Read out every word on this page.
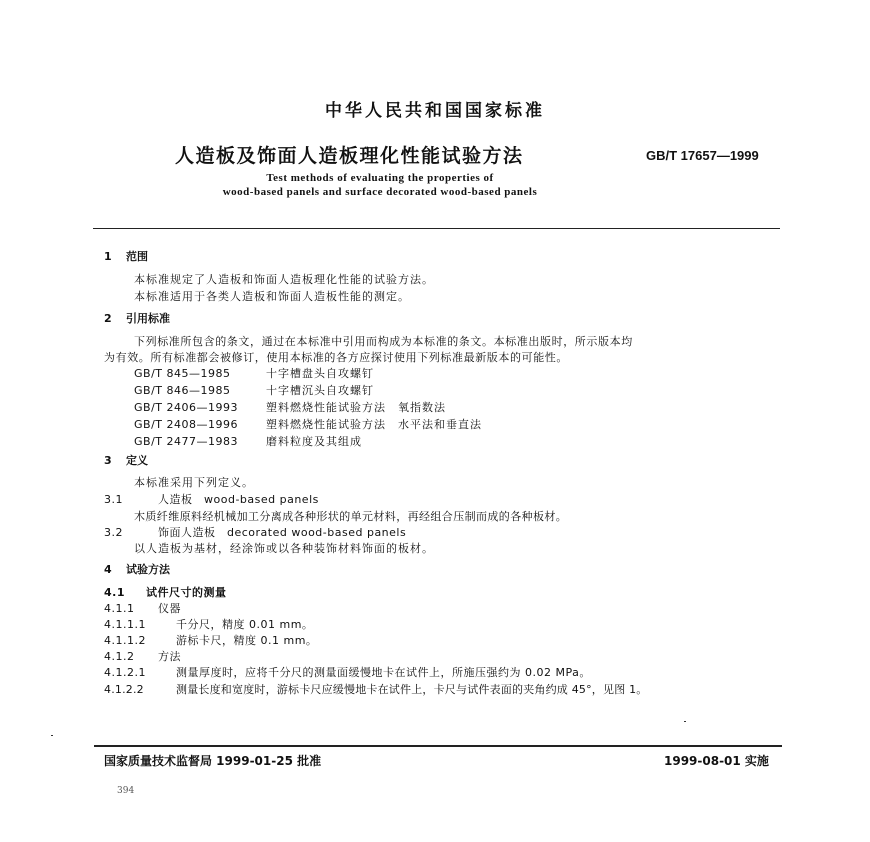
中华人民共和国国家标准
人造板及饰面人造板理化性能试验方法	GB/T 17657—1999
Test methods of evaluating the properties of
wood-based panels and surface decorated wood-based panels
1 范围
本标准规定了人造板和饰面人造板理化性能的试验方法。
本标准适用于各类人造板和饰面人造板性能的测定。
2 引用标准
下列标准所包含的条文，通过在本标准中引用而构成为本标准的条文。本标准出版时，所示版本均
为有效。所有标准都会被修订，使用本标准的各方应探讨使用下列标准最新版本的可能性。
GB/T 845—1985	十字槽盘头自攻螺钉
GB/T 846—1985	十字槽沉头自攻螺钉
GB/T 2406—1993	塑料燃烧性能试验方法　氧指数法
GB/T 2408—1996	塑料燃烧性能试验方法　水平法和垂直法
GB/T 2477—1983	磨料粒度及其组成
3 定义
本标准采用下列定义。
3.1	人造板　wood-based panels
木质纤维原料经机械加工分离成各种形状的单元材料，再经组合压制而成的各种板材。
3.2	饰面人造板　decorated wood-based panels
以人造板为基材，经涂饰或以各种装饰材料饰面的板材。
4 试验方法
4.1 试件尺寸的测量
4.1.1 仪器
4.1.1.1	千分尺，精度 0.01 mm。
4.1.1.2	游标卡尺，精度 0.1 mm。
4.1.2 方法
4.1.2.1	测量厚度时，应将千分尺的测量面缓慢地卡在试件上，所施压强约为 0.02 MPa。
4.1.2.2	测量长度和宽度时，游标卡尺应缓慢地卡在试件上，卡尺与试件表面的夹角约成 45°，见图 1。
国家质量技术监督局 1999-01-25 批准	1999-08-01 实施
394
